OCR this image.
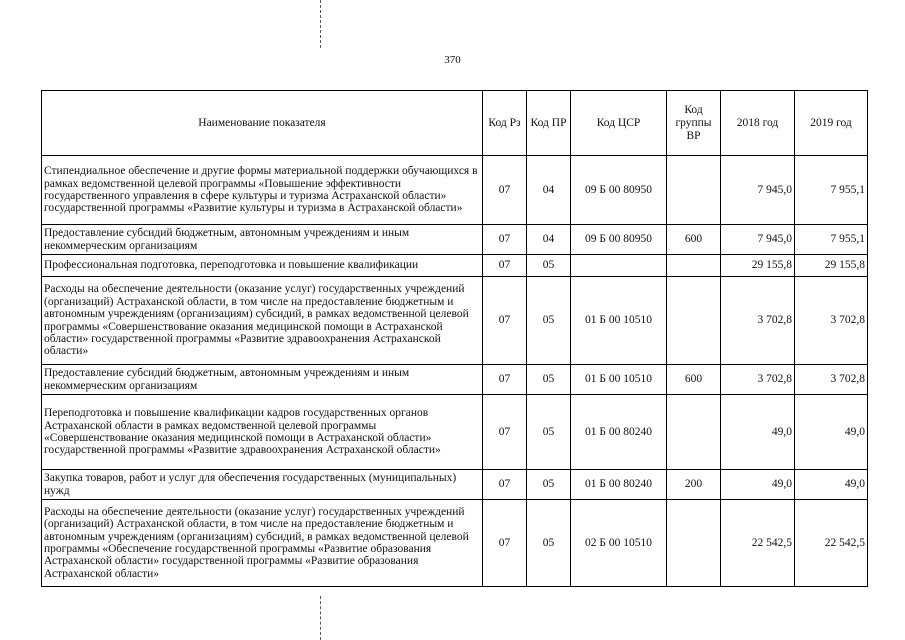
370
Наименование показателя	Код Рз	Код ПР	Код ЦСР	Код группы ВР	2018 год	2019 год
Стипендиальное обеспечение и другие формы материальной поддержки обучающихся в рамках ведомственной целевой программы «Повышение эффективности государственного управления в сфере культуры и туризма Астраханской области» государственной программы «Развитие культуры и туризма в Астраханской области»	07	04	09 Б 00 80950		7 945,0	7 955,1
Предоставление субсидий бюджетным, автономным учреждениям и иным некоммерческим организациям	07	04	09 Б 00 80950	600	7 945,0	7 955,1
Профессиональная подготовка, переподготовка и повышение квалификации	07	05			29 155,8	29 155,8
Расходы на обеспечение деятельности (оказание услуг) государственных учреждений (организаций) Астраханской области, в том числе на предоставление бюджетным и автономным учреждениям (организациям) субсидий, в рамках ведомственной целевой программы «Совершенствование оказания медицинской помощи в Астраханской области» государственной программы «Развитие здравоохранения Астраханской области»	07	05	01 Б 00 10510		3 702,8	3 702,8
Предоставление субсидий бюджетным, автономным учреждениям и иным некоммерческим организациям	07	05	01 Б 00 10510	600	3 702,8	3 702,8
Переподготовка и повышение квалификации кадров государственных органов Астраханской области в рамках ведомственной целевой программы «Совершенствование оказания медицинской помощи в Астраханской области» государственной программы «Развитие здравоохранения Астраханской области»	07	05	01 Б 00 80240		49,0	49,0
Закупка товаров, работ и услуг для обеспечения государственных (муниципальных) нужд	07	05	01 Б 00 80240	200	49,0	49,0
Расходы на обеспечение деятельности (оказание услуг) государственных учреждений (организаций) Астраханской области, в том числе на предоставление бюджетным и автономным учреждениям (организациям) субсидий, в рамках ведомственной целевой программы «Обеспечение государственной программы «Развитие образования Астраханской области» государственной программы «Развитие образования Астраханской области»	07	05	02 Б 00 10510		22 542,5	22 542,5
